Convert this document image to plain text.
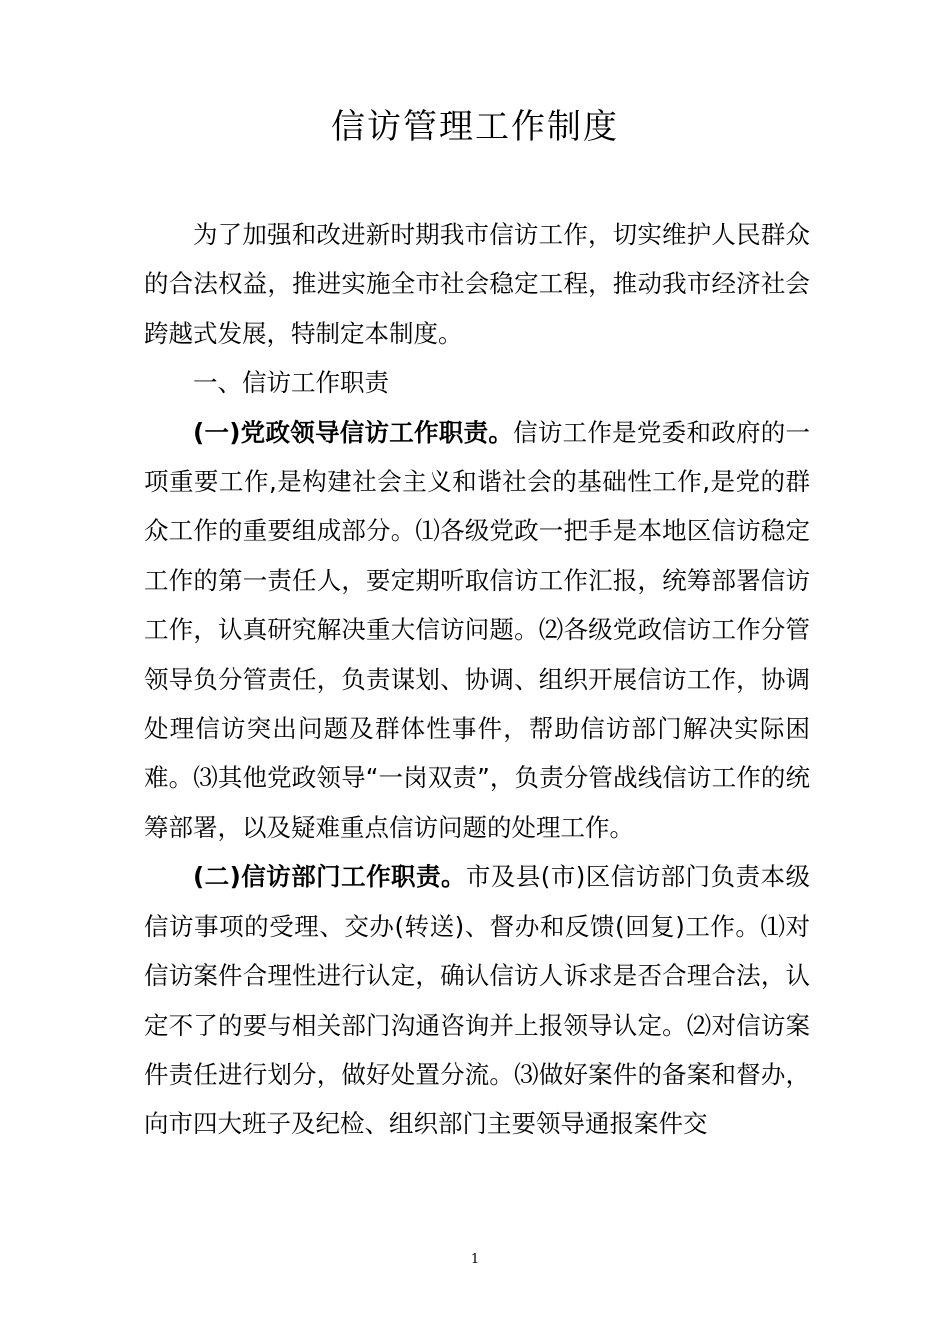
信访管理工作制度

为了加强和改进新时期我市信访工作，切实维护人民群众的合法权益，推进实施全市社会稳定工程，推动我市经济社会跨越式发展，特制定本制度。

一、信访工作职责

(一)党政领导信访工作职责。信访工作是党委和政府的一项重要工作,是构建社会主义和谐社会的基础性工作,是党的群众工作的重要组成部分。⑴各级党政一把手是本地区信访稳定工作的第一责任人，要定期听取信访工作汇报，统筹部署信访工作，认真研究解决重大信访问题。⑵各级党政信访工作分管领导负分管责任，负责谋划、协调、组织开展信访工作，协调处理信访突出问题及群体性事件，帮助信访部门解决实际困难。⑶其他党政领导“一岗双责”，负责分管战线信访工作的统筹部署，以及疑难重点信访问题的处理工作。

(二)信访部门工作职责。市及县(市)区信访部门负责本级信访事项的受理、交办(转送)、督办和反馈(回复)工作。⑴对信访案件合理性进行认定，确认信访人诉求是否合理合法，认定不了的要与相关部门沟通咨询并上报领导认定。⑵对信访案件责任进行划分，做好处置分流。⑶做好案件的备案和督办，向市四大班子及纪检、组织部门主要领导通报案件交

1
